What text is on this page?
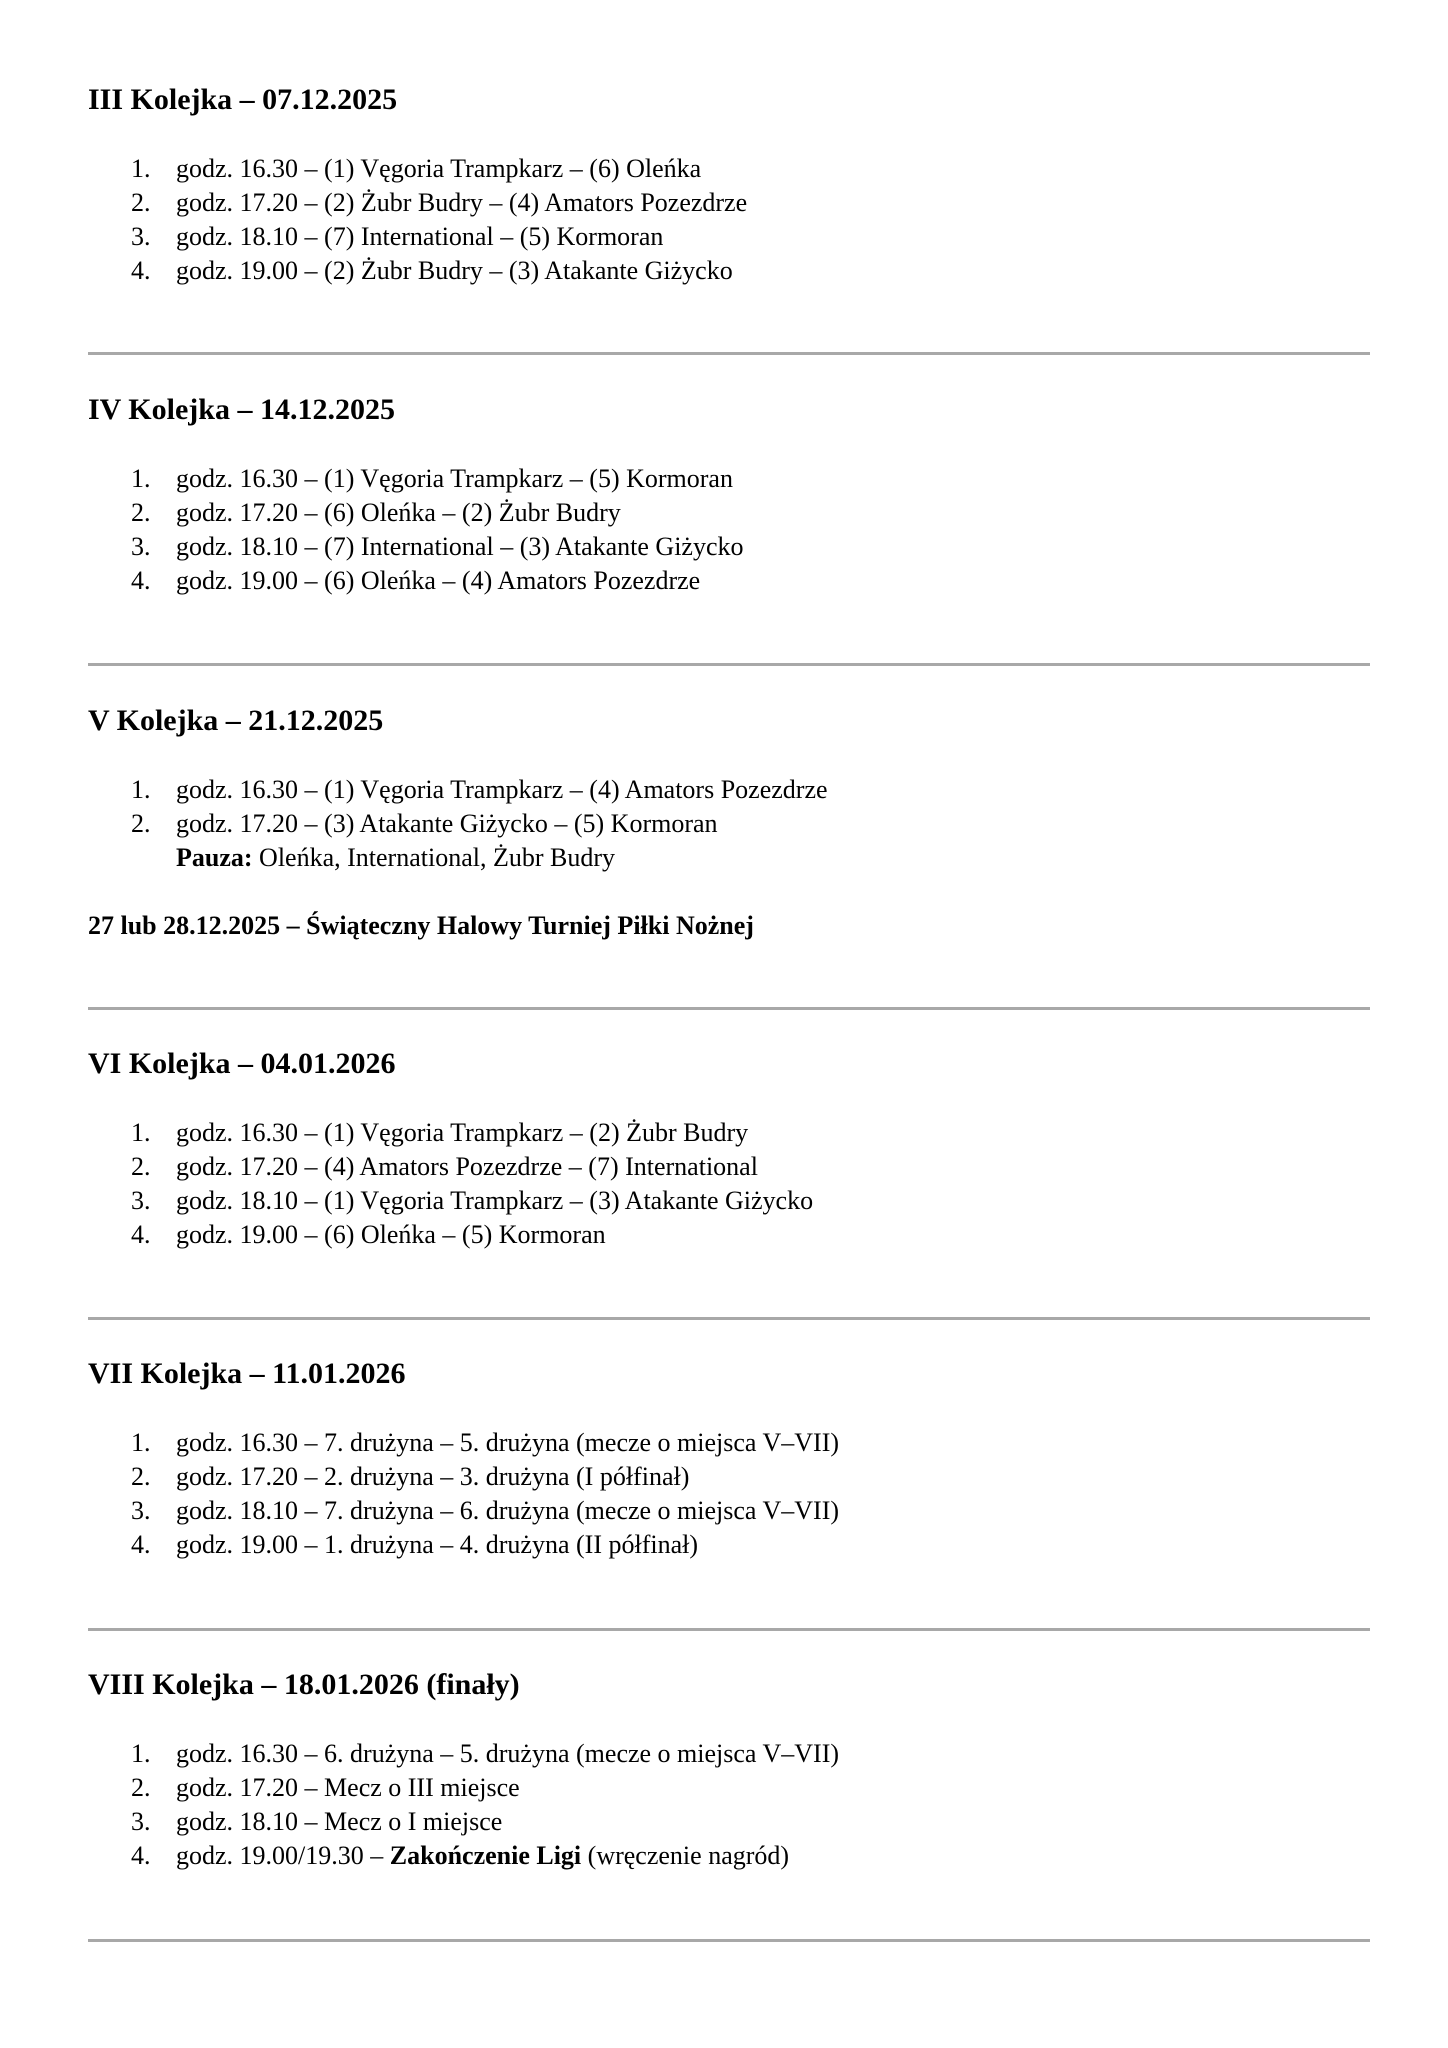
III Kolejka – 07.12.2025
1. godz. 16.30 – (1) Vęgoria Trampkarz – (6) Oleńka
2. godz. 17.20 – (2) Żubr Budry – (4) Amators Pozezdrze
3. godz. 18.10 – (7) International – (5) Kormoran
4. godz. 19.00 – (2) Żubr Budry – (3) Atakante Giżycko
IV Kolejka – 14.12.2025
1. godz. 16.30 – (1) Vęgoria Trampkarz – (5) Kormoran
2. godz. 17.20 – (6) Oleńka – (2) Żubr Budry
3. godz. 18.10 – (7) International – (3) Atakante Giżycko
4. godz. 19.00 – (6) Oleńka – (4) Amators Pozezdrze
V Kolejka – 21.12.2025
1. godz. 16.30 – (1) Vęgoria Trampkarz – (4) Amators Pozezdrze
2. godz. 17.20 – (3) Atakante Giżycko – (5) Kormoran
Pauza: Oleńka, International, Żubr Budry
27 lub 28.12.2025 – Świąteczny Halowy Turniej Piłki Nożnej
VI Kolejka – 04.01.2026
1. godz. 16.30 – (1) Vęgoria Trampkarz – (2) Żubr Budry
2. godz. 17.20 – (4) Amators Pozezdrze – (7) International
3. godz. 18.10 – (1) Vęgoria Trampkarz – (3) Atakante Giżycko
4. godz. 19.00 – (6) Oleńka – (5) Kormoran
VII Kolejka – 11.01.2026
1. godz. 16.30 – 7. drużyna – 5. drużyna (mecze o miejsca V–VII)
2. godz. 17.20 – 2. drużyna – 3. drużyna (I półfinał)
3. godz. 18.10 – 7. drużyna – 6. drużyna (mecze o miejsca V–VII)
4. godz. 19.00 – 1. drużyna – 4. drużyna (II półfinał)
VIII Kolejka – 18.01.2026 (finały)
1. godz. 16.30 – 6. drużyna – 5. drużyna (mecze o miejsca V–VII)
2. godz. 17.20 – Mecz o III miejsce
3. godz. 18.10 – Mecz o I miejsce
4. godz. 19.00/19.30 – Zakończenie Ligi (wręczenie nagród)
